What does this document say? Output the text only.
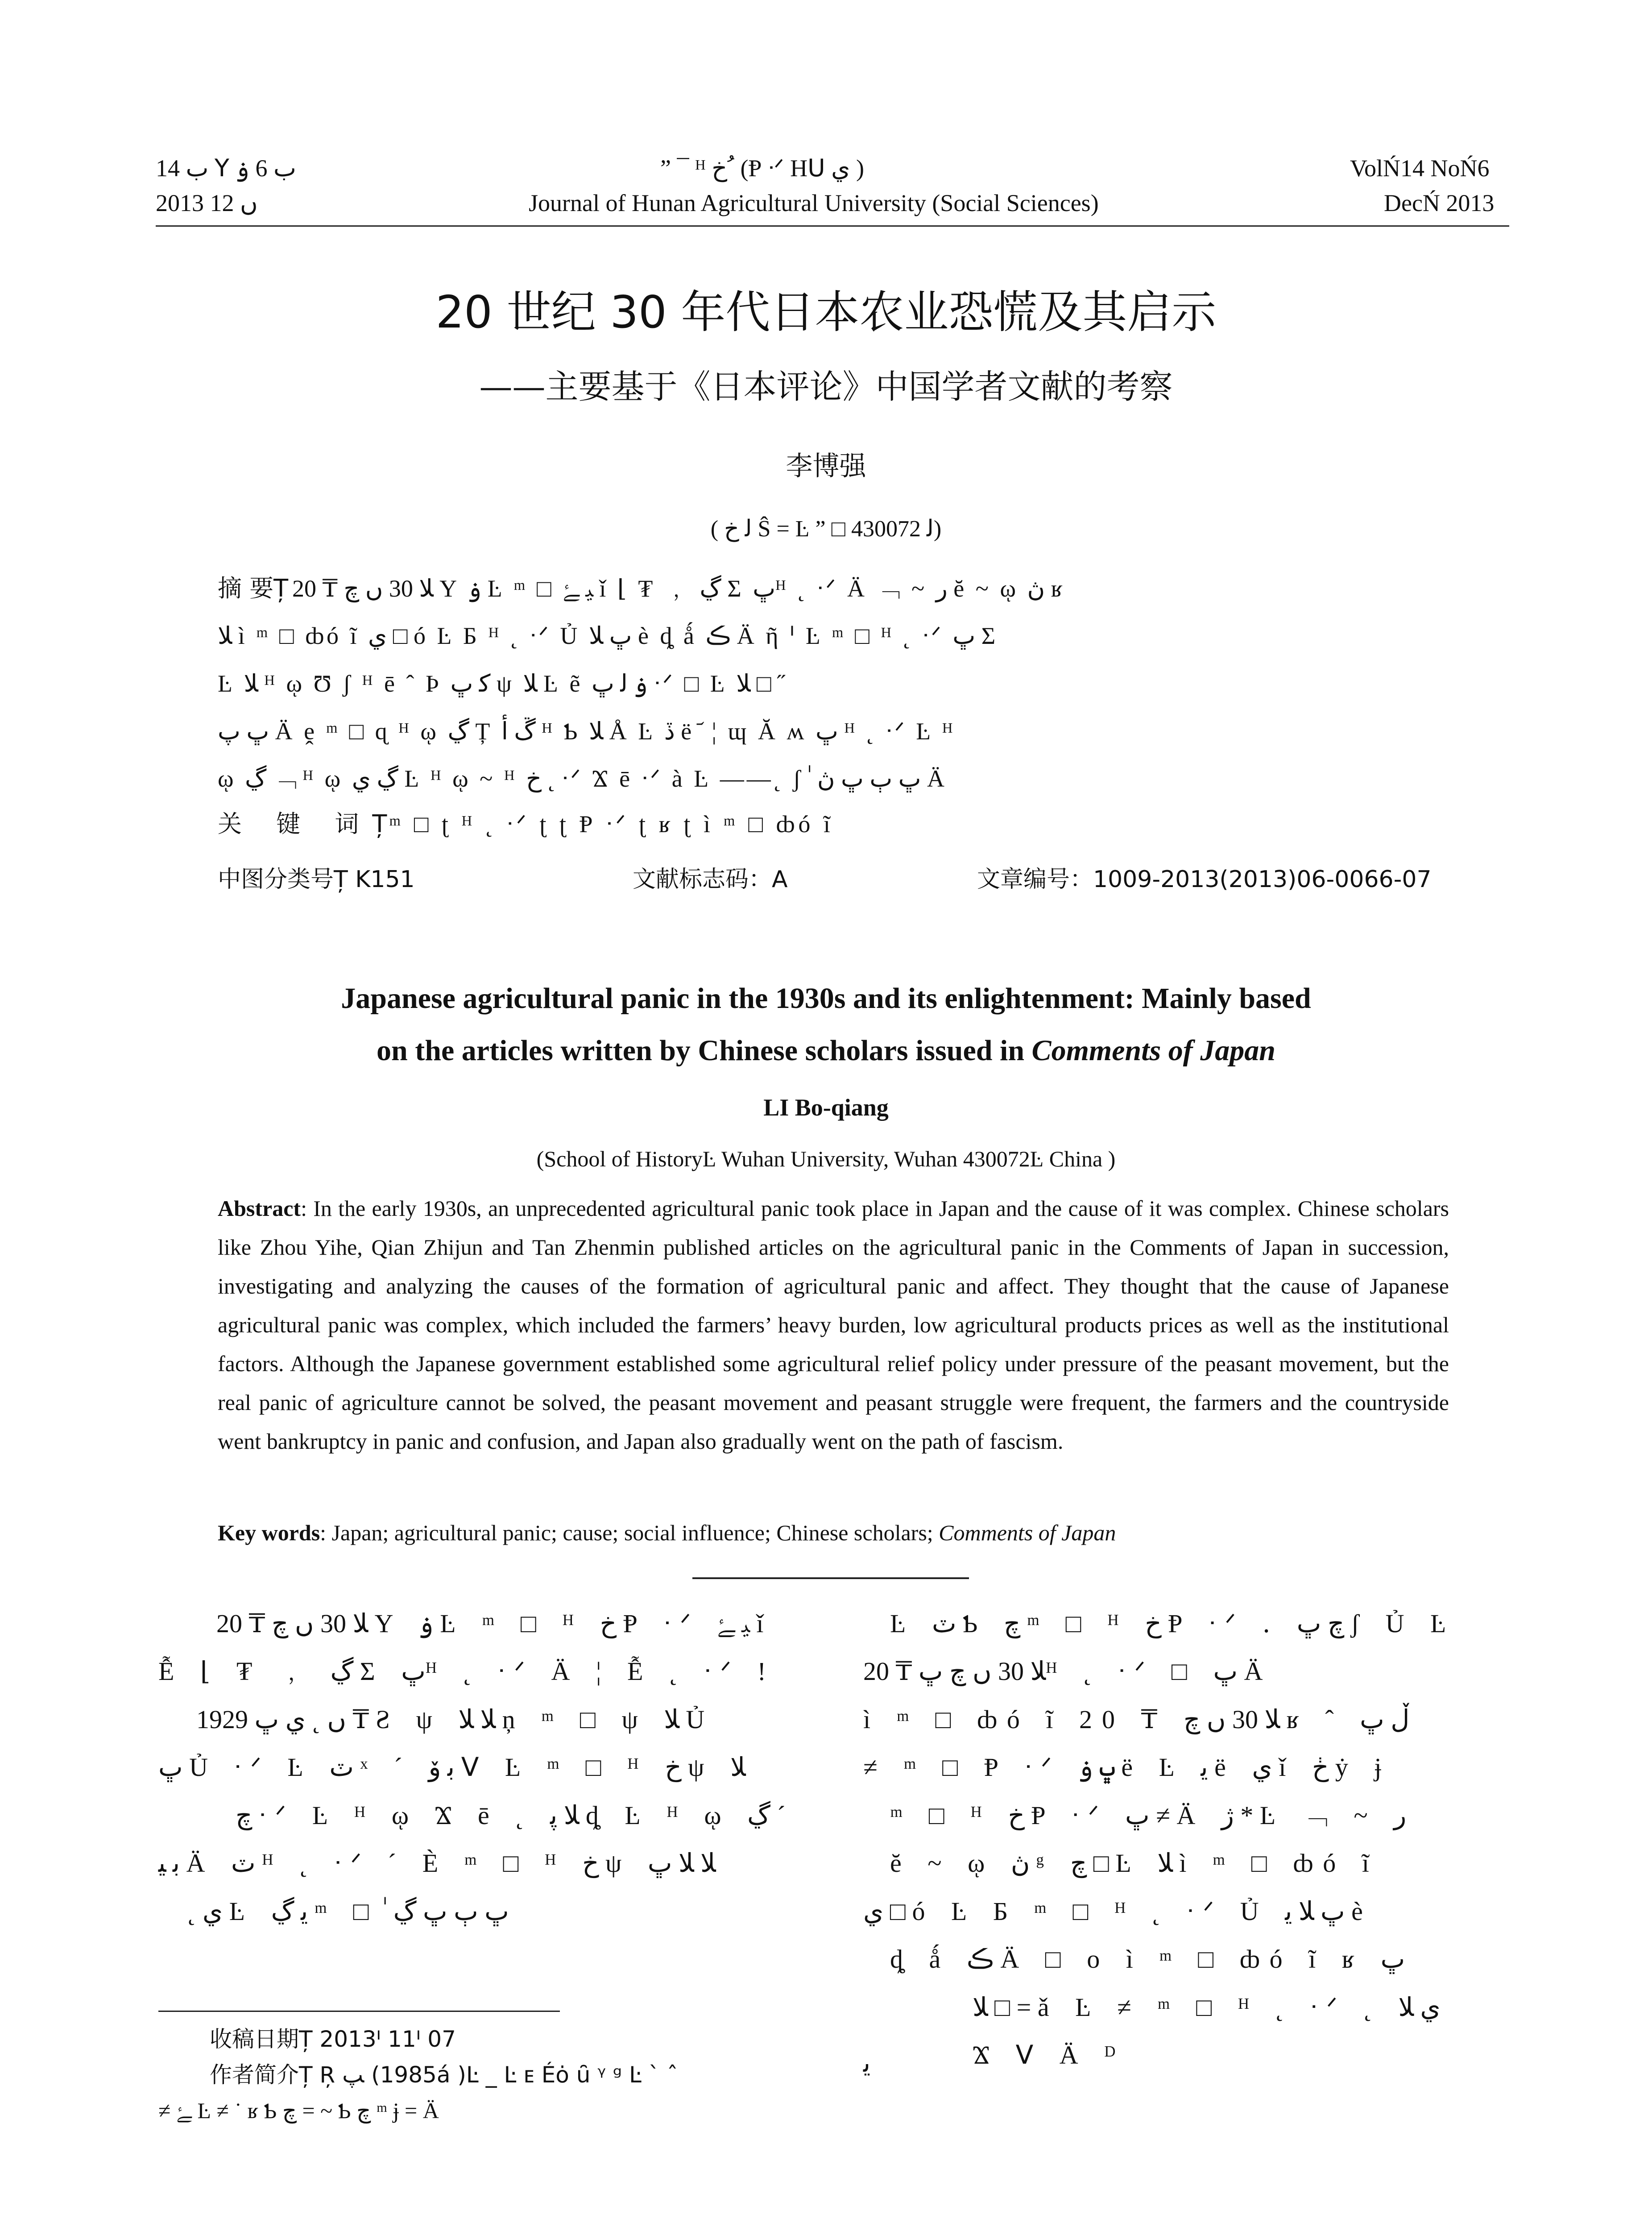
ب 14 ꓬ ب 6 ۏ	” ¯ ᴴ خ ُ (Ᵽ ᐧᐟ Hᑌ ي )	VolŃ14 NoŃ6
2013 ں 12	Journal of Hunan Agricultural University (Social Sciences)	DecŃ 2013
20 世纪 30 年代日本农业恐慌及其启示
——主要基于《日本评论》中国学者文献的考察
李博强
( ﻟ خ Ŝ = Ŀ ” □ ﻟ 430072)
摘 要Ț 20 ₸ ﻼ 30 ں چ Y ۏ Ŀ ᵐ □ ﻴ ﮱ ǐ ⌊ ₮ ﹐ ڲ Σ ڀᴴ ˛ ᐧᐟ Ä ﹁ ~ ر ĕ ~ ῳ ڽ ʁ
ﻼ ì ᵐ □ ȸó ĩ ي □ ó Ŀ Ƃ ᴴ ˛ ᐧᐟ Ủ ڀ ﻼ è ȡ ǻ ڪ Ä ῆ ᑊ Ŀ ᵐ □ ᴴ ˛ ᐧᐟ ڀ Σ
Ŀ ﻼ ᴴ ῳ Ʊ ʃ ᴴ ē ˆ Ϸ ﮐ ڀ ψ ﻼ Ŀ ẽ ۏ ﻟ ڀ ᐧᐟ □ Ŀ ﻼ □ ˝
ڀ ﭖ Ä ḙ ᵐ □ ɋ ᴴ ῳ ڲ Ț ڱ ﺃ ᴴ Ƅ ﻼ Å Ŀ ڏ ë ᷄ ¦ ɰ Ă ʍ ڀ ᴴ ˛ ᐧᐟ Ŀ ᴴ
ῳ ڲ ﹁ ᴴ ῳ ڲ ي Ŀ ᴴ ῳ ~ ᴴ خ ˛ ᐧᐟ Ϫ ē ᐧᐟ à Ŀ ——˛ ʃ ٰ ڀ ٻ ڀ ڽ Ä
关 键 词Ț
ᵐ □ ʈ ᴴ ˛ ᐧᐟ ʈ ʈ Ᵽ ᐧᐟ ʈ ʁ ʈ ì ᵐ □ ȸó ĩ
中图分类号Ț K151	文献标志码：A	文章编号：1009-2013(2013)06-0066-07
Japanese agricultural panic in the 1930s and its enlightenment: Mainly based
on the articles written by Chinese scholars issued in Comments of Japan
LI Bo-qiang
(School of HistoryĿ Wuhan University, Wuhan 430072Ŀ China )
Abstract: In the early 1930s, an unprecedented agricultural panic took place in Japan and the cause of it was complex. Chinese scholars like Zhou Yihe, Qian Zhijun and Tan Zhenmin published articles on the agricultural panic in the Comments of Japan in succession, investigating and analyzing the causes of the formation of agricultural panic and affect. They thought that the cause of Japanese agricultural panic was complex, which included the farmers’ heavy burden, low agricultural products prices as well as the institutional factors. Although the Japanese government established some agricultural relief policy under pressure of the peasant movement, but the real panic of agriculture cannot be solved, the peasant movement and peasant struggle were frequent, the farmers and the countryside went bankruptcy in panic and confusion, and Japan also gradually went on the path of fascism.
Key words: Japan; agricultural panic; cause; social influence; Chinese scholars; Comments of Japan
20 ₸ ﻼ 30 ں چ Y ۏ Ŀ ᵐ □ ᴴ خ Ᵽ ᐧᐟ ﻴ ﮱ ǐ
Ễ ⌊ ₮ ﹐ ڲ Σ ڀᴴ ˛ ᐧᐟ Ä ¦ Ễ ˛ ᐧᐟ !
1929 ں ˛ ي ڀ ₸ Ƨ ψ ﻼ ﻼ ņ ᵐ □ ψ ﻼ Ủ
ڀ Ủ ᐧᐟ Ŀ ٽ ˣ ´ ﺑ ﯙ ᐯ Ŀ ᵐ □ ᴴ خ ψ ﻼ
چ ᐧᐟ Ŀ ᴴ ῳ Ϫ ē ˛ ﻼ ﭘ ȡ Ŀ ᴴ ῳ ڲ ´
ﺑ ﻴ Ä ٽ ᴴ ˛ ᐧᐟ ´ È ᵐ □ ᴴ خ ψ ﻼ ﻼ ڀ
˛ ي Ŀ ﯾ ڲ ᵐ □ ٰ ڀ ٻ ڀ ڲ
Ŀ ٽ Ƅ چ ᵐ □ ᴴ خ Ᵽ ᐧᐟ ․ چ ڀ ʃ Ủ Ŀ
20 ₸ ﻼ 30 ں چ ڀᴴ ˛ ᐧᐟ □ ڀ Ä
ì ᵐ □ ȸó ĩ 20 ₸ ﻼ 30 ں چ ʁ ˆ ڵ ڀ
≠ ᵐ □ Ᵽ ᐧᐟ ڀ ۏ ë Ŀ ﻳ ë ي ǐ ڂ ẏ ɉ
ᵐ □ ᴴ خ Ᵽ ᐧᐟ ڀ ≠ Ä ژ * Ŀ ﹁ ~ ر
ĕ ~ ῳ ڽ ᵍ چ □ Ŀ ﻼ ì ᵐ □ ȸó ĩ
ي □ ó Ŀ Ƃ ᵐ □ ᴴ ˛ ᐧᐟ Ủ ڀ ﻼ ﻳ è
ȡ ǻ ڪ Ä □ o ì ᵐ □ ȸó ĩ ʁ ڀ
ﻼ □ = ǎ Ŀ ≠ ᵐ □ ᴴ ˛ ᐧᐟ ˛ ي ﻼ
Ϫ ᐯ Ä ᴰ
ﻳ
收稿日期Ț 2013ᑊ 11ᑊ 07
作者简介Ț Ŗ ﭗ (1985á )Ŀ _ Ŀ ᴇ Éȯ ȗ ᵞ ᵍ Ŀ ˋ ˆ
≠ ﮱ Ŀ ≠ ˙ ʁ Ƅ چ = ~ Ƅ چ ᵐ ɉ = Ä
